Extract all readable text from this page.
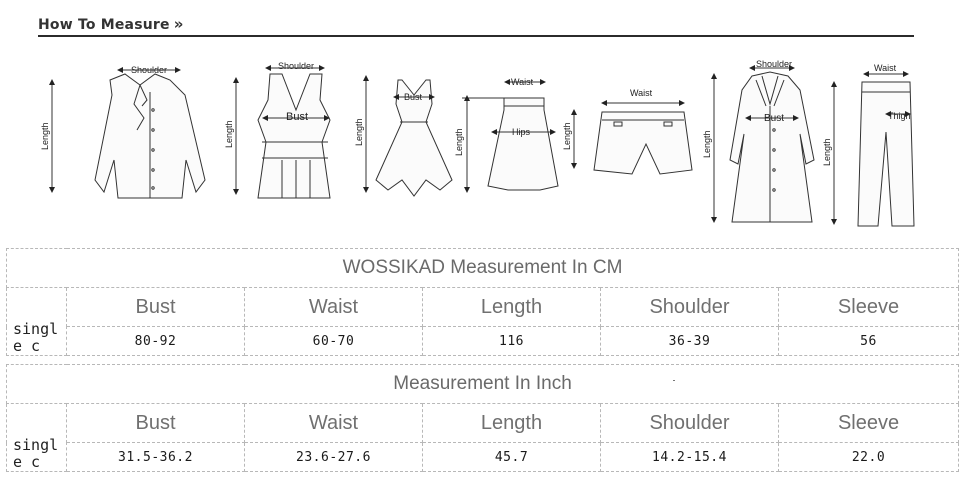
How To Measure »
Shoulder
Length
Shoulder
Bust
Length
Bust
Length
Waist
Hips
Length
Waist
Length
Shoulder
Bust
Length
Waist
Thigh
Length
WOSSIKAD Measurement In CM					
single c	Bust	Waist	Length	Shoulder	Sleeve
	80-92	60-70	116	36-39	56
Measurement In Inch					
single c	Bust	Waist	Length	Shoulder	Sleeve
	31.5-36.2	23.6-27.6	45.7	14.2-15.4	22.0
